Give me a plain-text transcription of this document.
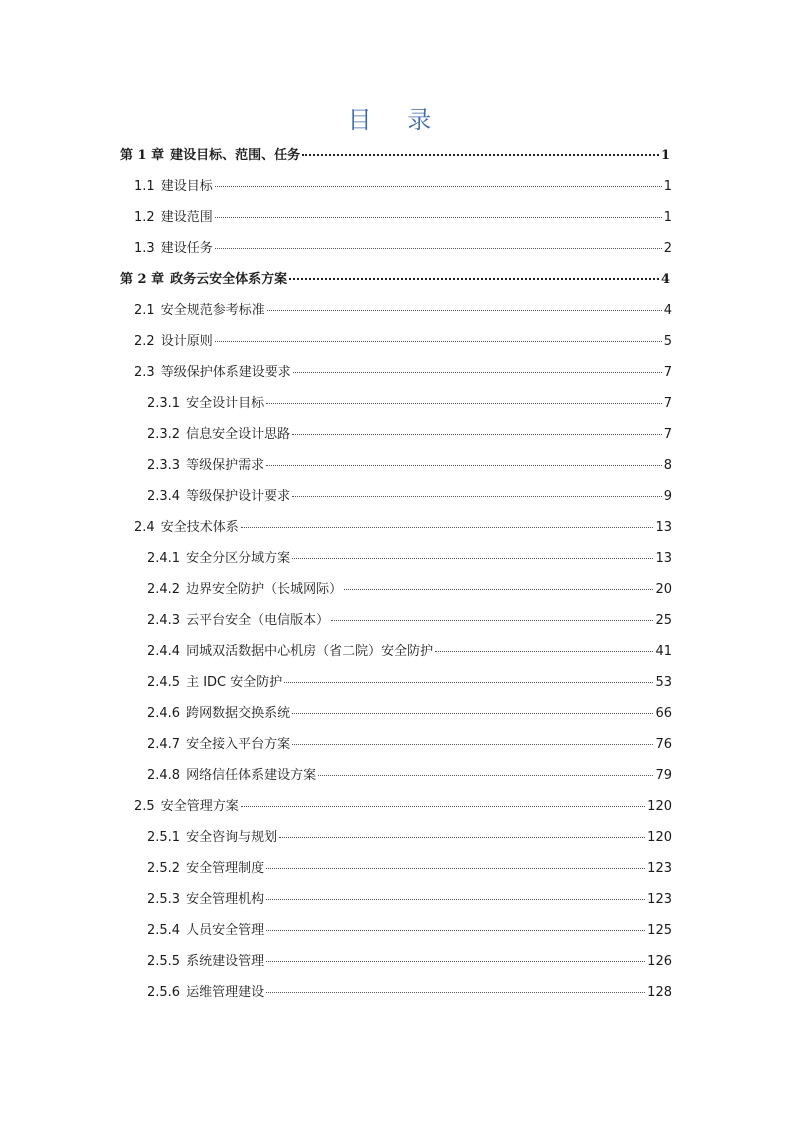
目 录
第 1 章 建设目标、范围、任务	1
1.1 建设目标	1
1.2 建设范围	1
1.3 建设任务	2
第 2 章 政务云安全体系方案	4
2.1 安全规范参考标准	4
2.2 设计原则	5
2.3 等级保护体系建设要求	7
2.3.1 安全设计目标	7
2.3.2 信息安全设计思路	7
2.3.3 等级保护需求	8
2.3.4 等级保护设计要求	9
2.4 安全技术体系	13
2.4.1 安全分区分域方案	13
2.4.2 边界安全防护（长城网际）	20
2.4.3 云平台安全（电信版本）	25
2.4.4 同城双活数据中心机房（省二院）安全防护	41
2.4.5 主 IDC 安全防护	53
2.4.6 跨网数据交换系统	66
2.4.7 安全接入平台方案	76
2.4.8 网络信任体系建设方案	79
2.5 安全管理方案	120
2.5.1 安全咨询与规划	120
2.5.2 安全管理制度	123
2.5.3 安全管理机构	123
2.5.4 人员安全管理	125
2.5.5 系统建设管理	126
2.5.6 运维管理建设	128
